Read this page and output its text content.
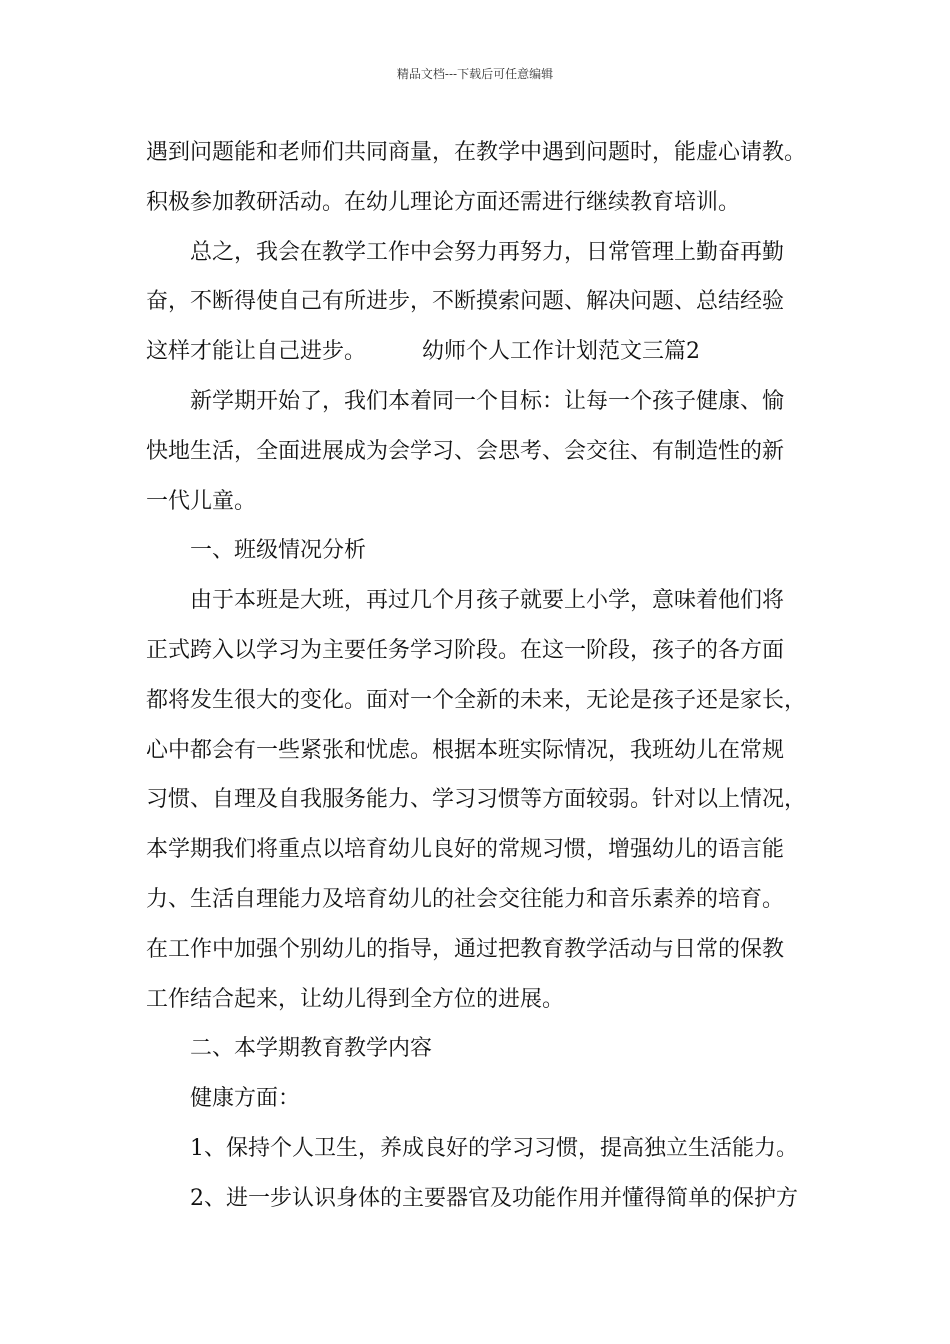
精品文档---下载后可任意编辑
遇到问题能和老师们共同商量，在教学中遇到问题时，能虚心请教。
积极参加教研活动。在幼儿理论方面还需进行继续教育培训。
总之，我会在教学工作中会努力再努力，日常管理上勤奋再勤
奋，不断得使自己有所进步，不断摸索问题、解决问题、总结经验
这样才能让自己进步。	幼师个人工作计划范文三篇2
新学期开始了，我们本着同一个目标：让每一个孩子健康、愉
快地生活，全面进展成为会学习、会思考、会交往、有制造性的新
一代儿童。
一、班级情况分析
由于本班是大班，再过几个月孩子就要上小学，意味着他们将
正式跨入以学习为主要任务学习阶段。在这一阶段，孩子的各方面
都将发生很大的变化。面对一个全新的未来，无论是孩子还是家长，
心中都会有一些紧张和忧虑。根据本班实际情况，我班幼儿在常规
习惯、自理及自我服务能力、学习习惯等方面较弱。针对以上情况，
本学期我们将重点以培育幼儿良好的常规习惯，增强幼儿的语言能
力、生活自理能力及培育幼儿的社会交往能力和音乐素养的培育。
在工作中加强个别幼儿的指导，通过把教育教学活动与日常的保教
工作结合起来，让幼儿得到全方位的进展。
二、本学期教育教学内容
健康方面：
1、保持个人卫生，养成良好的学习习惯，提高独立生活能力。
2、进一步认识身体的主要器官及功能作用并懂得简单的保护方
